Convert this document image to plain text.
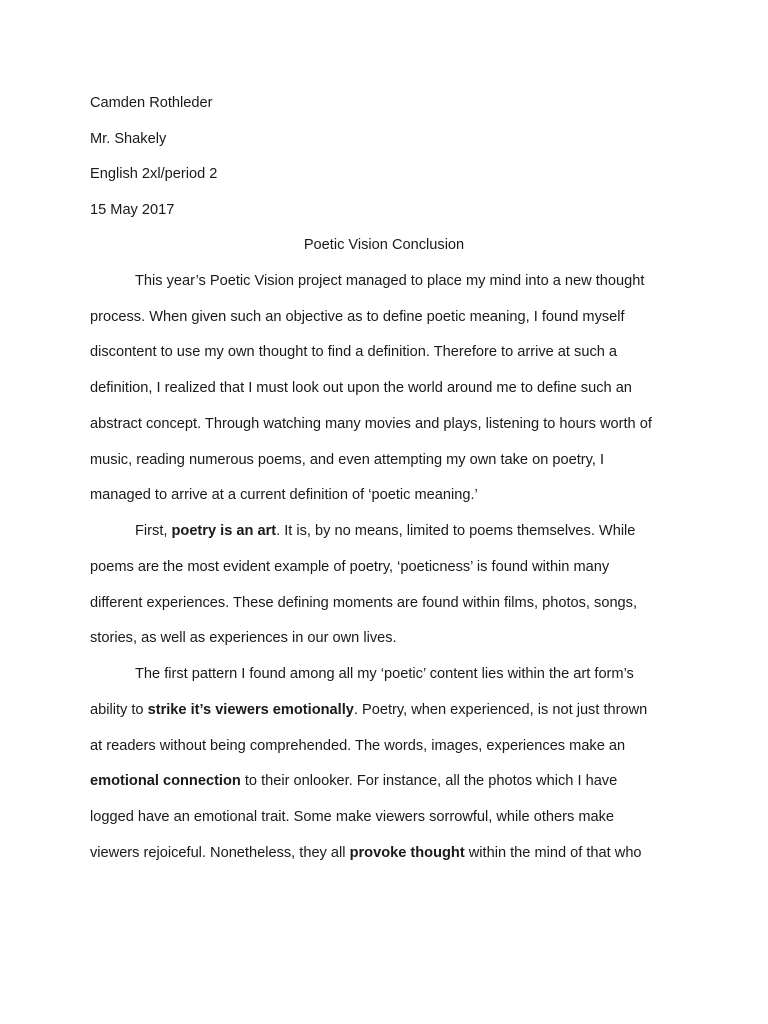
Camden Rothleder
Mr. Shakely
English 2xl/period 2
15 May 2017
Poetic Vision Conclusion
This year’s Poetic Vision project managed to place my mind into a new thought
process. When given such an objective as to define poetic meaning, I found myself
discontent to use my own thought to find a definition. Therefore to arrive at such a
definition, I realized that I must look out upon the world around me to define such an
abstract concept. Through watching many movies and plays, listening to hours worth of
music, reading numerous poems, and even attempting my own take on poetry, I
managed to arrive at a current definition of ‘poetic meaning.’
First, poetry is an art. It is, by no means, limited to poems themselves. While
poems are the most evident example of poetry, ‘poeticness’ is found within many
different experiences. These defining moments are found within films, photos, songs,
stories, as well as experiences in our own lives.
The first pattern I found among all my ‘poetic’ content lies within the art form’s
ability to strike it’s viewers emotionally. Poetry, when experienced, is not just thrown
at readers without being comprehended. The words, images, experiences make an
emotional connection to their onlooker. For instance, all the photos which I have
logged have an emotional trait. Some make viewers sorrowful, while others make
viewers rejoiceful. Nonetheless, they all provoke thought within the mind of that who
